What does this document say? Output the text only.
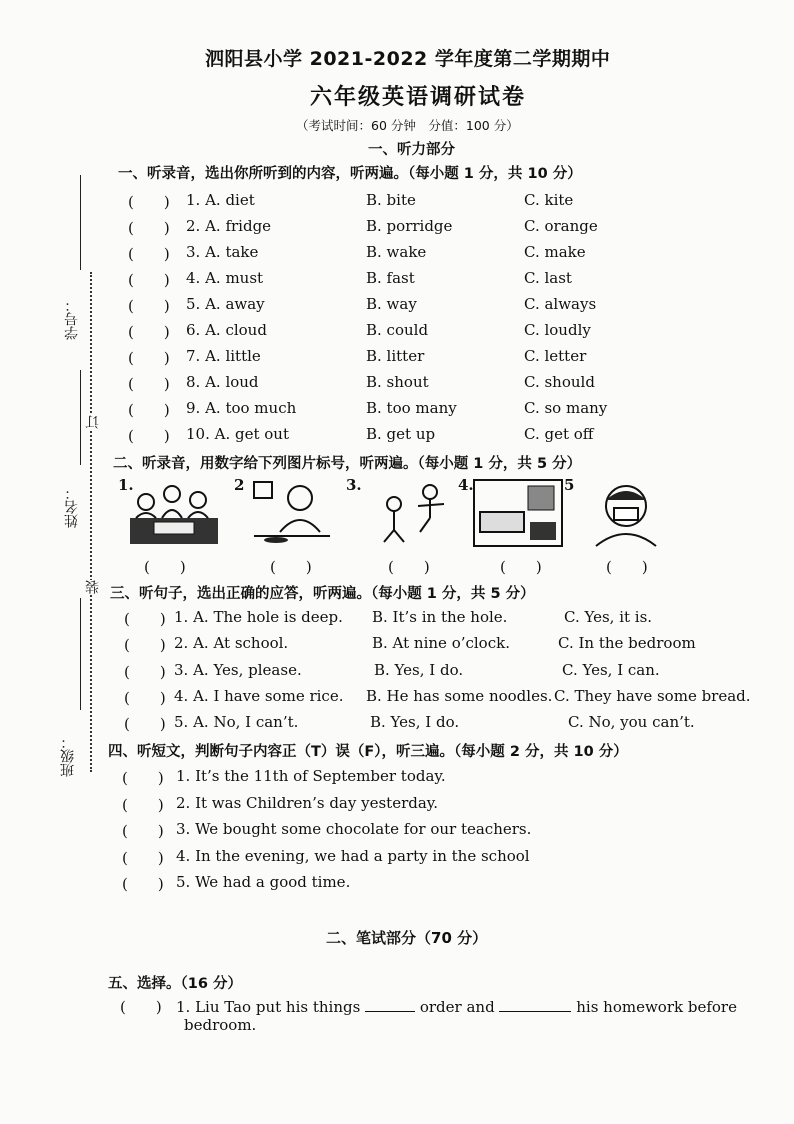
泗阳县小学 2021-2022 学年度第二学期期中
六年级英语调研试卷
（考试时间：60 分钟　分值：100 分）
一、听力部分
学号：
姓名：
班级：
订
装
一、听录音，选出你所听到的内容，听两遍。（每小题 1 分，共 10 分）
(　　) 1. A. diet	B. bite	C. kite
(　　) 2. A. fridge	B. porridge	C. orange
(　　) 3. A. take	B. wake	C. make
(　　) 4. A. must	B. fast	C. last
(　　) 5. A. away	B. way	C. always
(　　) 6. A. cloud	B. could	C. loudly
(　　) 7. A. little	B. litter	C. letter
(　　) 8. A. loud	B. shout	C. should
(　　) 9. A. too much	B. too many	C. so many
(　　) 10. A. get out	B. get up	C. get off
二、听录音，用数字给下列图片标号，听两遍。（每小题 1 分，共 5 分）
1.	2	3.	4.	5
(　　)	(　　)	(　　)	(　　)	(　　)
三、听句子，选出正确的应答，听两遍。（每小题 1 分，共 5 分）
(　　) 1. A. The hole is deep. B. It’s in the hole.	C. Yes, it is.
(　　) 2. A. At school.	B. At nine o’clock.	C. In the bedroom
(　　) 3. A. Yes, please.	B. Yes, I do.	C. Yes, I can.
(　　) 4. A. I have some rice. B. He has some noodles. C. They have some bread.
(　　) 5. A. No, I can’t.	B. Yes, I do.	C. No, you can’t.
四、听短文，判断句子内容正（T）误（F），听三遍。（每小题 2 分，共 10 分）
(　　) 1. It’s the 11th of September today.
(　　) 2. It was Children’s day yesterday.
(　　) 3. We bought some chocolate for our teachers.
(　　) 4. In the evening, we had a party in the school
(　　) 5. We had a good time.
二、笔试部分（70 分）
五、选择。（16 分）
(　　) 1. Liu Tao put his things	order and	his homework before
bedroom.
